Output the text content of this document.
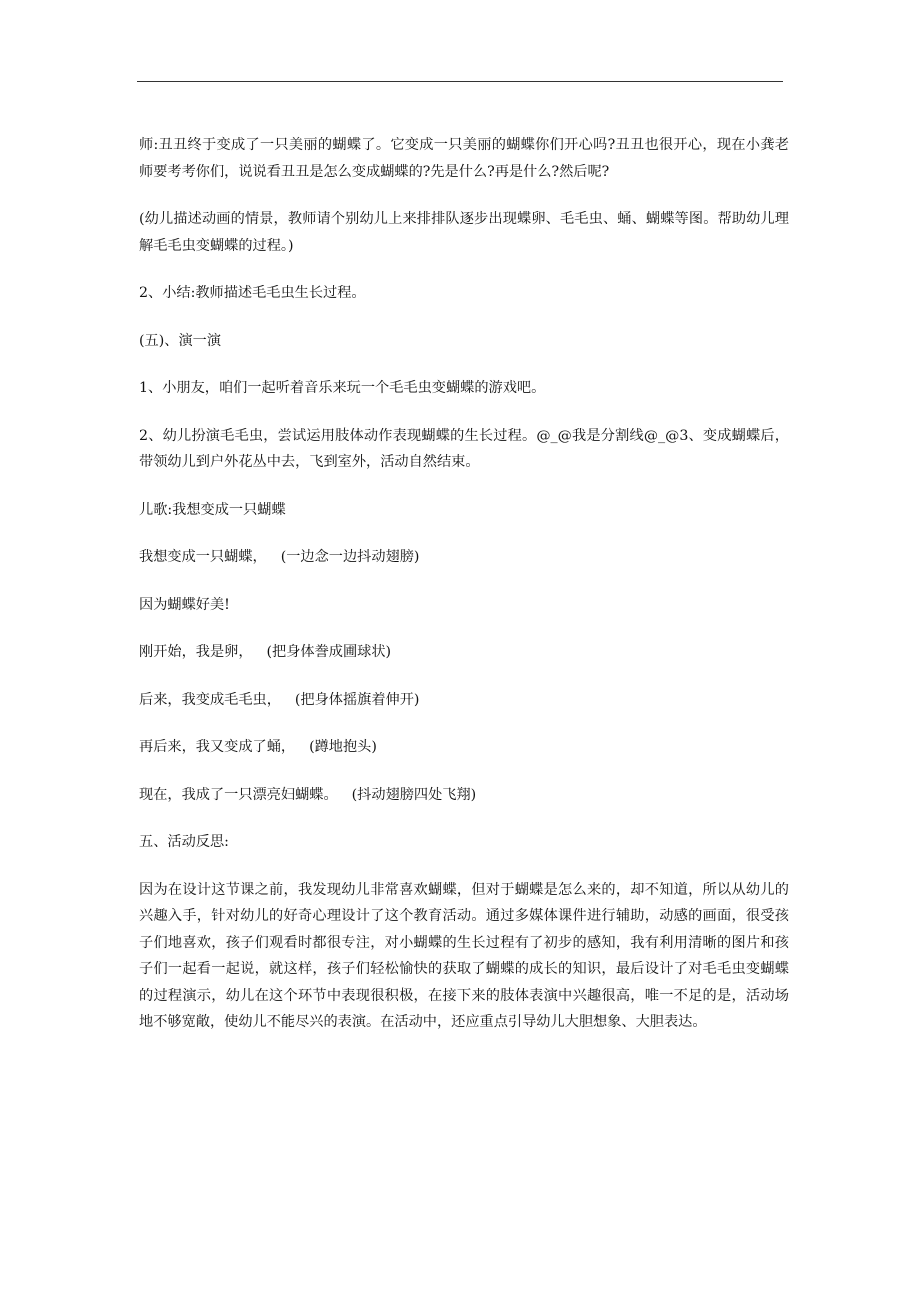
师:丑丑终于变成了一只美丽的蝴蝶了。它变成一只美丽的蝴蝶你们开心吗?丑丑也很开心，现在小龚老师要考考你们，说说看丑丑是怎么变成蝴蝶的?先是什么?再是什么?然后呢?

(幼儿描述动画的情景，教师请个别幼儿上来排排队逐步出现蝶卵、毛毛虫、蛹、蝴蝶等图。帮助幼儿理解毛毛虫变蝴蝶的过程。)

2、小结:教师描述毛毛虫生长过程。

(五)、演一演

1、小朋友，咱们一起听着音乐来玩一个毛毛虫变蝴蝶的游戏吧。

2、幼儿扮演毛毛虫，尝试运用肢体动作表现蝴蝶的生长过程。@_@我是分割线@_@3、变成蝴蝶后，带领幼儿到户外花丛中去，飞到室外，活动自然结束。

儿歌:我想变成一只蝴蝶

我想变成一只蝴蝶， (一边念一边抖动翅膀)

因为蝴蝶好美!

刚开始，我是卵， (把身体誊成圃球状)

后来，我变成毛毛虫， (把身体摇旗着伸开)

再后来，我又变成了蛹， (蹲地抱头)

现在，我成了一只漂亮妇蝴蝶。 (抖动翅膀四处飞翔)

五、活动反思:

因为在设计这节课之前，我发现幼儿非常喜欢蝴蝶，但对于蝴蝶是怎么来的，却不知道，所以从幼儿的兴趣入手，针对幼儿的好奇心理设计了这个教育活动。通过多媒体课件进行辅助，动感的画面，很受孩子们地喜欢，孩子们观看时都很专注，对小蝴蝶的生长过程有了初步的感知，我有利用清晰的图片和孩子们一起看一起说，就这样，孩子们轻松愉快的获取了蝴蝶的成长的知识，最后设计了对毛毛虫变蝴蝶的过程演示，幼儿在这个环节中表现很积极，在接下来的肢体表演中兴趣很高，唯一不足的是，活动场地不够宽敞，使幼儿不能尽兴的表演。在活动中，还应重点引导幼儿大胆想象、大胆表达。
